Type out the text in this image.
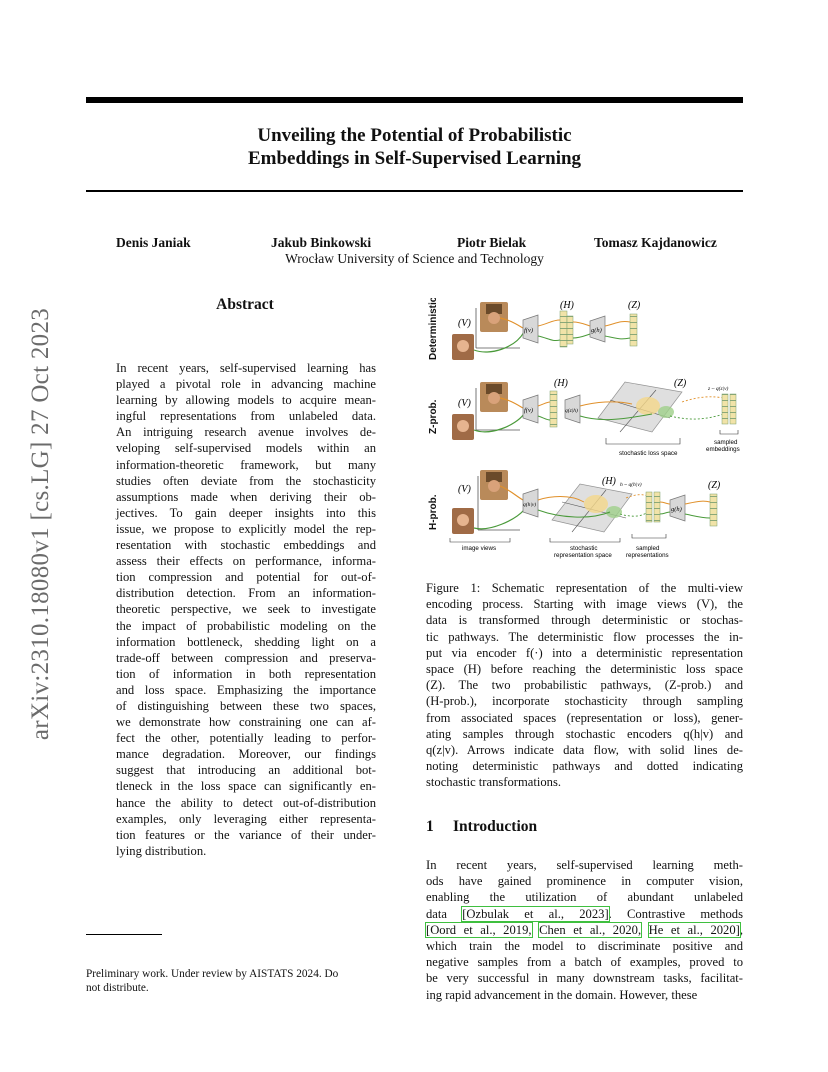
Unveiling the Potential of Probabilistic
Embeddings in Self-Supervised Learning
Denis Janiak	Jakub Binkowski	Piotr Bielak	Tomasz Kajdanowicz
Wrocław University of Science and Technology
arXiv:2310.18080v1 [cs.LG] 27 Oct 2023
Abstract
In recent years, self-supervised learning has
played a pivotal role in advancing machine
learning by allowing models to acquire mean-
ingful representations from unlabeled data.
An intriguing research avenue involves de-
veloping self-supervised models within an
information-theoretic framework, but many
studies often deviate from the stochasticity
assumptions made when deriving their ob-
jectives. To gain deeper insights into this
issue, we propose to explicitly model the rep-
resentation with stochastic embeddings and
assess their effects on performance, informa-
tion compression and potential for out-of-
distribution detection. From an information-
theoretic perspective, we seek to investigate
the impact of probabilistic modeling on the
information bottleneck, shedding light on a
trade-off between compression and preserva-
tion of information in both representation
and loss space. Emphasizing the importance
of distinguishing between these two spaces,
we demonstrate how constraining one can af-
fect the other, potentially leading to perfor-
mance degradation. Moreover, our findings
suggest that introducing an additional bot-
tleneck in the loss space can significantly en-
hance the ability to detect out-of-distribution
examples, only leveraging either representa-
tion features or the variance of their under-
lying distribution.
Preliminary work. Under review by AISTATS 2024. Do
not distribute.
Deterministic (V)
f(v)
(H)
g(h)
(Z)
Z-prob. (V)
f(v)
(H)
q(z|h)
(Z)	z ~ q(z|v)
stochastic loss space
sampled
embeddings
H-prob.
(V)
q(h|v)
(H) h ~ q(h|v)
g(h)
(Z)
image views	stochastic
representation space
sampled
representations
Figure 1: Schematic representation of the multi-view
encoding process. Starting with image views (V), the
data is transformed through deterministic or stochas-
tic pathways. The deterministic flow processes the in-
put via encoder f(·) into a deterministic representation
space (H) before reaching the deterministic loss space
(Z). The two probabilistic pathways, (Z-prob.) and
(H-prob.), incorporate stochasticity through sampling
from associated spaces (representation or loss), gener-
ating samples through stochastic encoders q(h|v) and
q(z|v). Arrows indicate data flow, with solid lines de-
noting deterministic pathways and dotted indicating
stochastic transformations.
1 Introduction
In recent years, self-supervised learning meth-
ods have gained prominence in computer vision,
enabling the utilization of abundant unlabeled
data [Ozbulak et al., 2023]. Contrastive methods
[Oord et al., 2019, Chen et al., 2020, He et al., 2020],
which train the model to discriminate positive and
negative samples from a batch of examples, proved to
be very successful in many downstream tasks, facilitat-
ing rapid advancement in the domain. However, these
